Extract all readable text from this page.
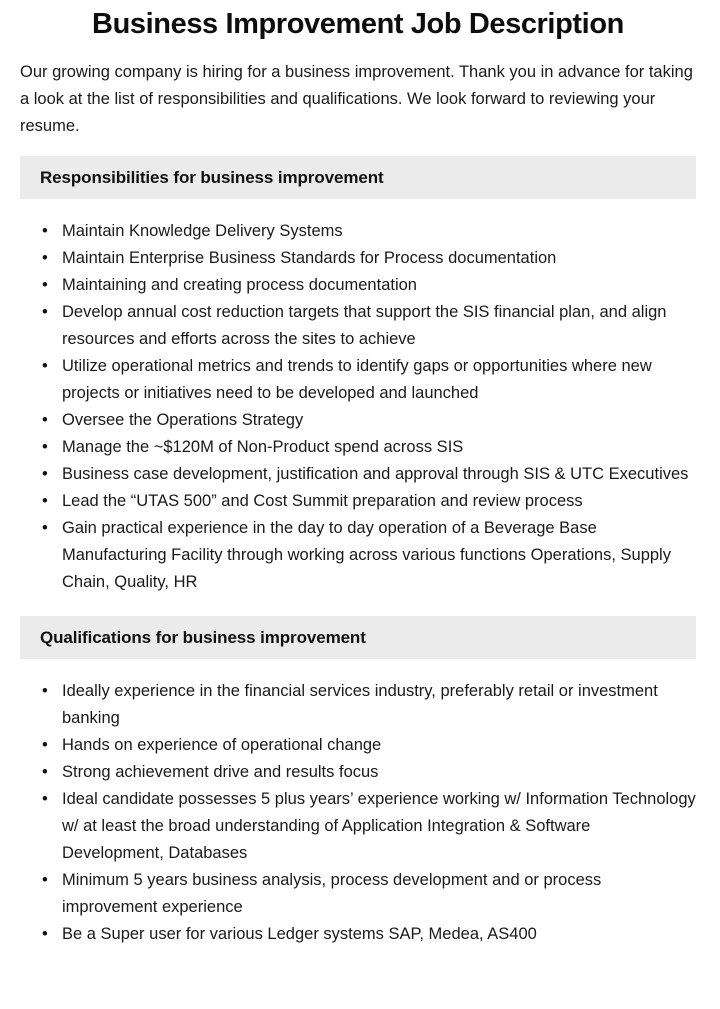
Business Improvement Job Description

Our growing company is hiring for a business improvement. Thank you in advance for taking a look at the list of responsibilities and qualifications. We look forward to reviewing your resume.

Responsibilities for business improvement
• Maintain Knowledge Delivery Systems
• Maintain Enterprise Business Standards for Process documentation
• Maintaining and creating process documentation
• Develop annual cost reduction targets that support the SIS financial plan, and align resources and efforts across the sites to achieve
• Utilize operational metrics and trends to identify gaps or opportunities where new projects or initiatives need to be developed and launched
• Oversee the Operations Strategy
• Manage the ~$120M of Non-Product spend across SIS
• Business case development, justification and approval through SIS & UTC Executives
• Lead the “UTAS 500” and Cost Summit preparation and review process
• Gain practical experience in the day to day operation of a Beverage Base Manufacturing Facility through working across various functions Operations, Supply Chain, Quality, HR
Qualifications for business improvement
• Ideally experience in the financial services industry, preferably retail or investment banking
• Hands on experience of operational change
• Strong achievement drive and results focus
• Ideal candidate possesses 5 plus years’ experience working w/ Information Technology w/ at least the broad understanding of Application Integration & Software Development, Databases
• Minimum 5 years business analysis, process development and or process improvement experience
• Be a Super user for various Ledger systems SAP, Medea, AS400
